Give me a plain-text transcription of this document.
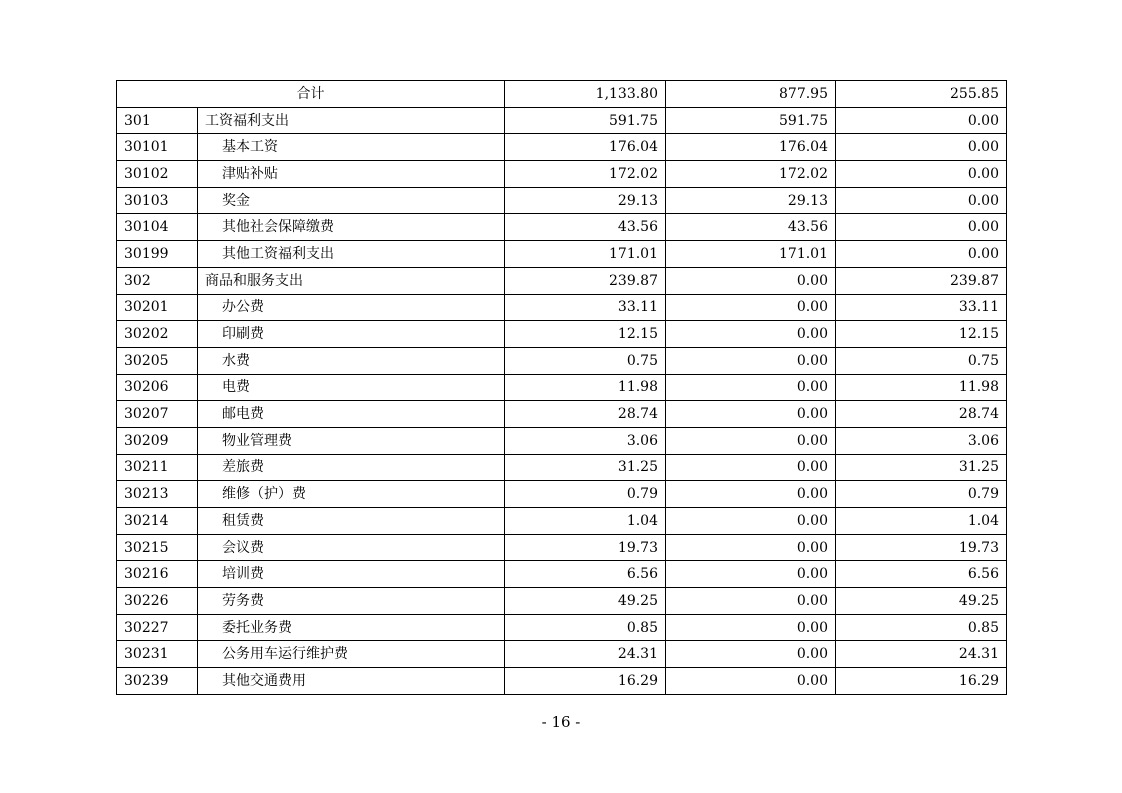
合计		1,133.80	877.95	255.85
301	工资福利支出	591.75	591.75	0.00
30101	基本工资	176.04	176.04	0.00
30102	津贴补贴	172.02	172.02	0.00
30103	奖金	29.13	29.13	0.00
30104	其他社会保障缴费	43.56	43.56	0.00
30199	其他工资福利支出	171.01	171.01	0.00
302	商品和服务支出	239.87	0.00	239.87
30201	办公费	33.11	0.00	33.11
30202	印刷费	12.15	0.00	12.15
30205	水费	0.75	0.00	0.75
30206	电费	11.98	0.00	11.98
30207	邮电费	28.74	0.00	28.74
30209	物业管理费	3.06	0.00	3.06
30211	差旅费	31.25	0.00	31.25
30213	维修（护）费	0.79	0.00	0.79
30214	租赁费	1.04	0.00	1.04
30215	会议费	19.73	0.00	19.73
30216	培训费	6.56	0.00	6.56
30226	劳务费	49.25	0.00	49.25
30227	委托业务费	0.85	0.00	0.85
30231	公务用车运行维护费	24.31	0.00	24.31
30239	其他交通费用	16.29	0.00	16.29
- 16 -
